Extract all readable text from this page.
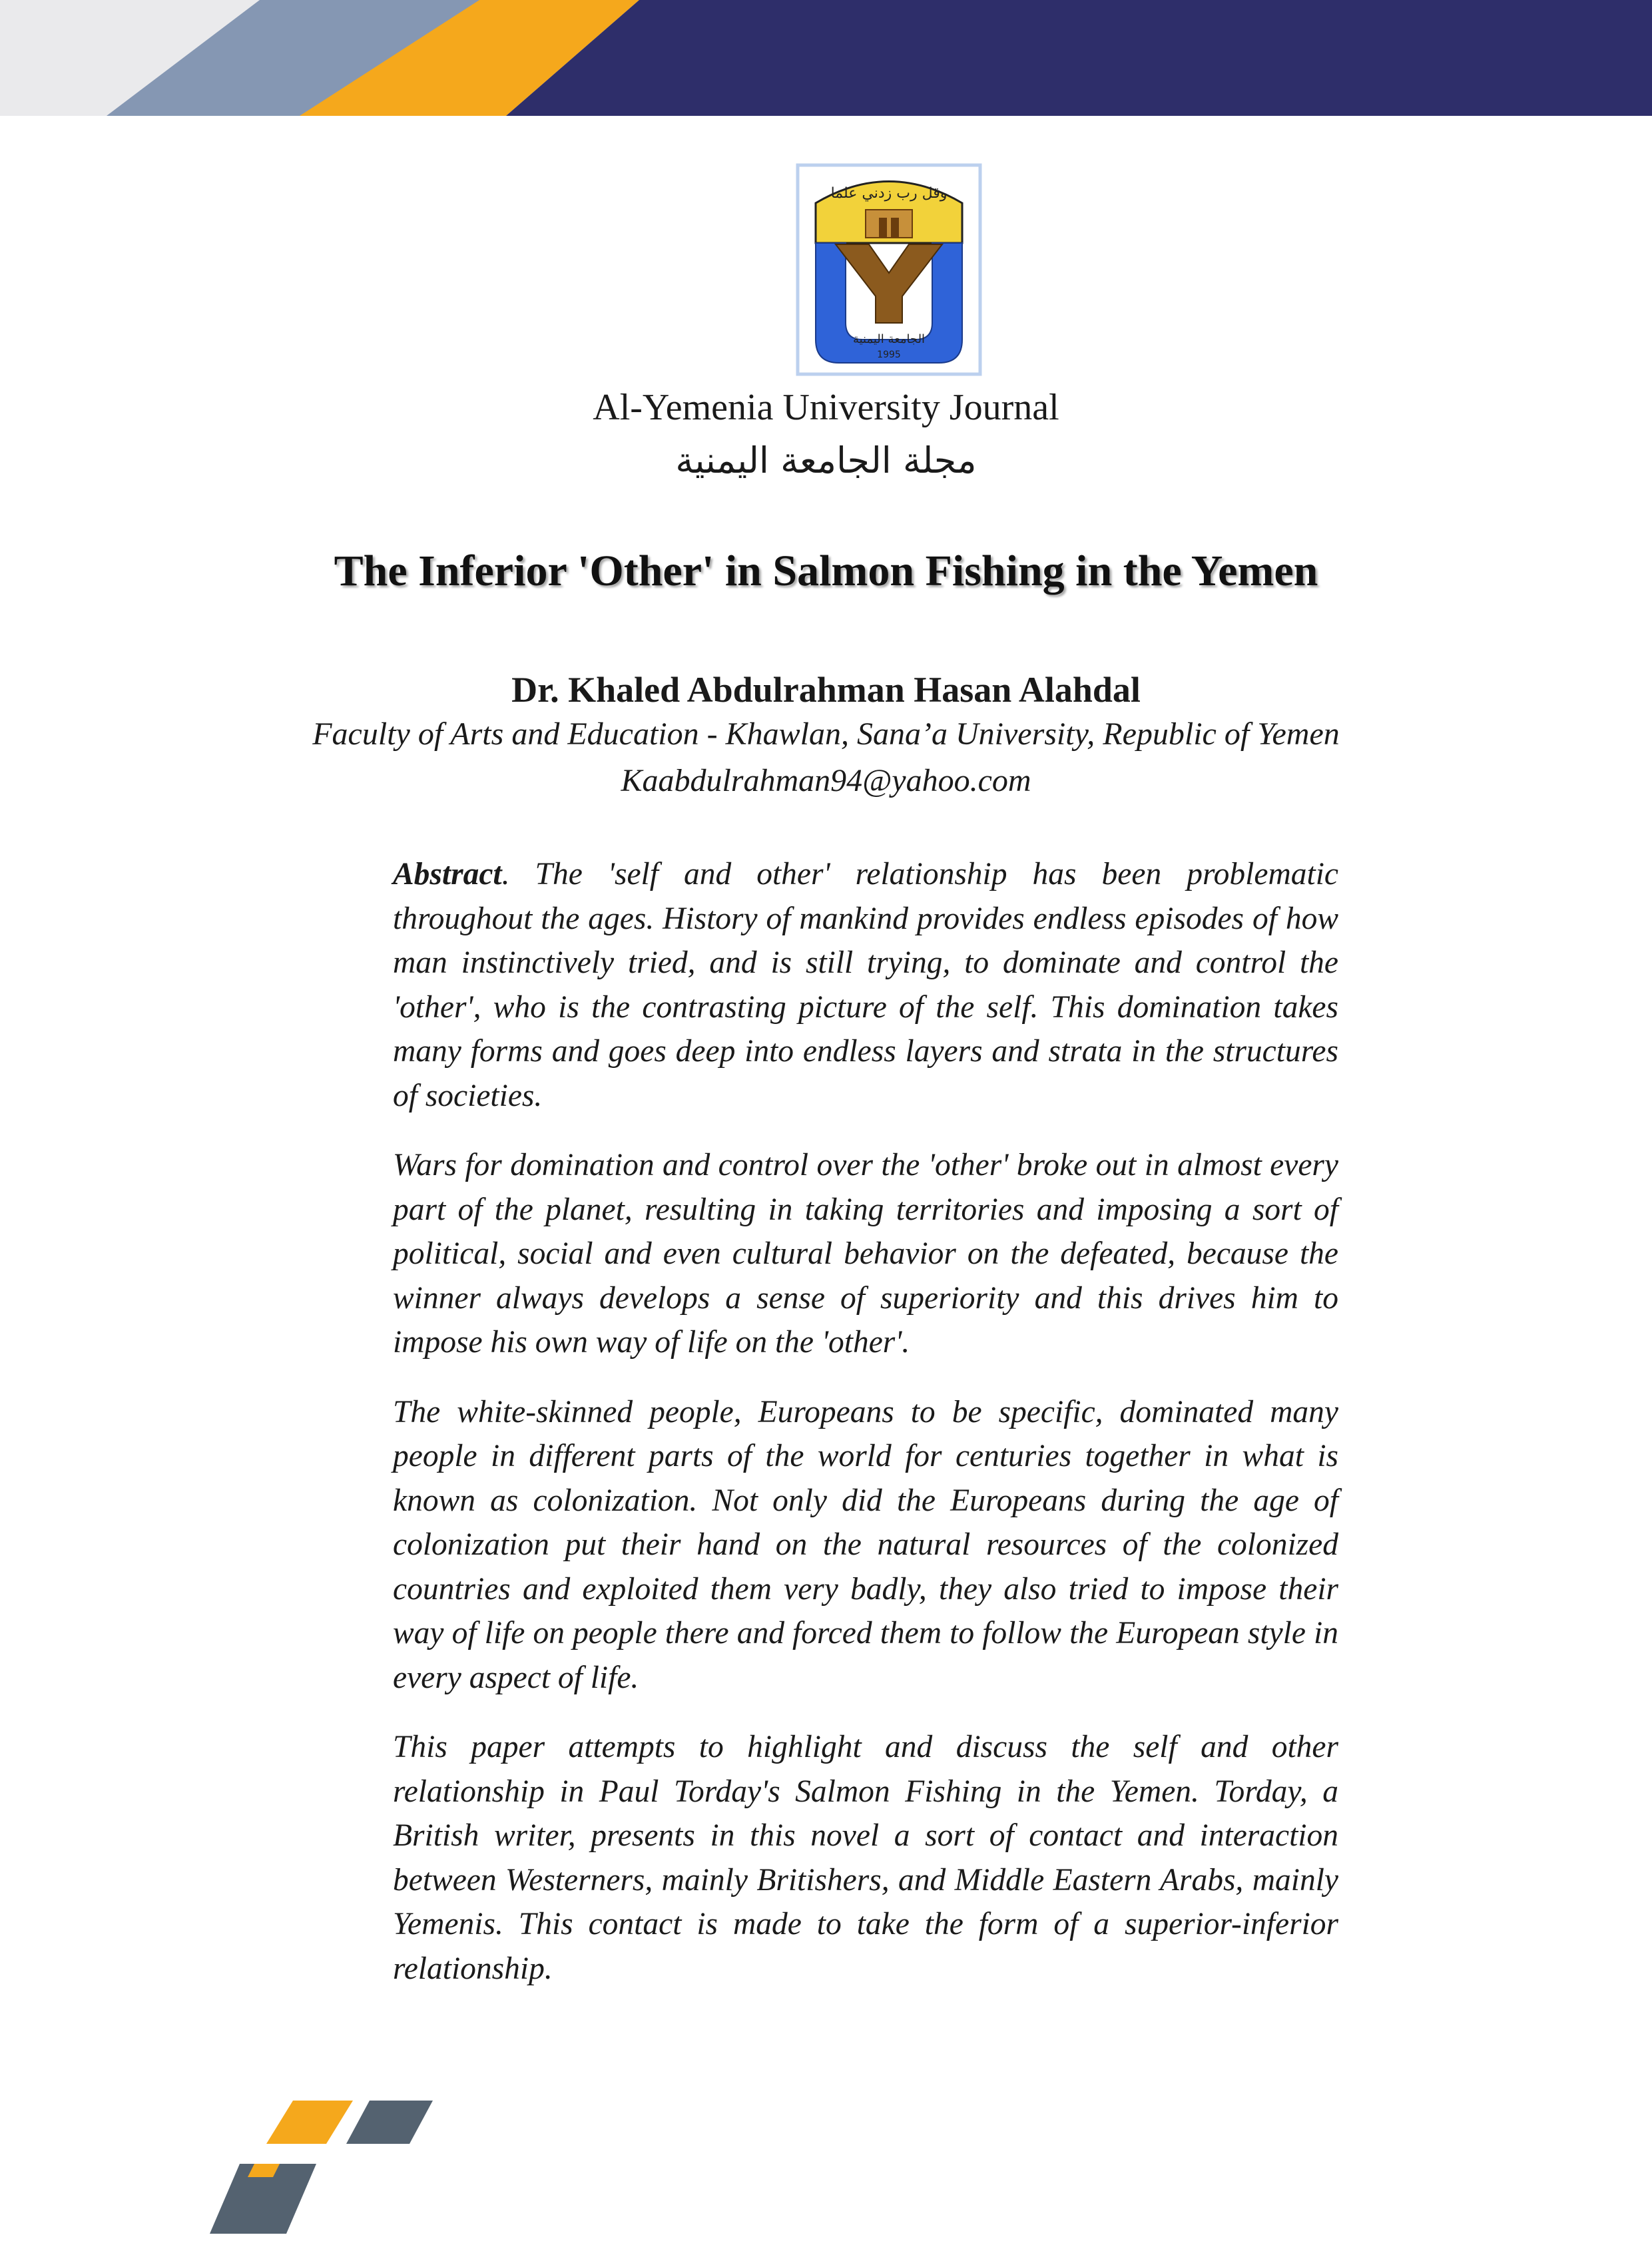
وقل رب زدني علما
الجامعة اليمنية
1995
Al-Yemenia University Journal
مجلة الجامعة اليمنية
The Inferior 'Other' in Salmon Fishing in the Yemen
Dr. Khaled Abdulrahman Hasan Alahdal
Faculty of Arts and Education - Khawlan, Sana’a University, Republic of Yemen
Kaabdulrahman94@yahoo.com

Abstract. The 'self and other' relationship has been problematic throughout the ages. History of mankind provides endless episodes of how man instinctively tried, and is still trying, to dominate and control the 'other', who is the contrasting picture of the self. This domination takes many forms and goes deep into endless layers and strata in the structures of societies.

Wars for domination and control over the 'other' broke out in almost every part of the planet, resulting in taking territories and imposing a sort of political, social and even cultural behavior on the defeated, because the winner always develops a sense of superiority and this drives him to impose his own way of life on the 'other'.

The white-skinned people, Europeans to be specific, dominated many people in different parts of the world for centuries together in what is known as colonization. Not only did the Europeans during the age of colonization put their hand on the natural resources of the colonized countries and exploited them very badly, they also tried to impose their way of life on people there and forced them to follow the European style in every aspect of life.

This paper attempts to highlight and discuss the self and other relationship in Paul Torday's Salmon Fishing in the Yemen. Torday, a British writer, presents in this novel a sort of contact and interaction between Westerners, mainly Britishers, and Middle Eastern Arabs, mainly Yemenis. This contact is made to take the form of a superior-inferior relationship.
